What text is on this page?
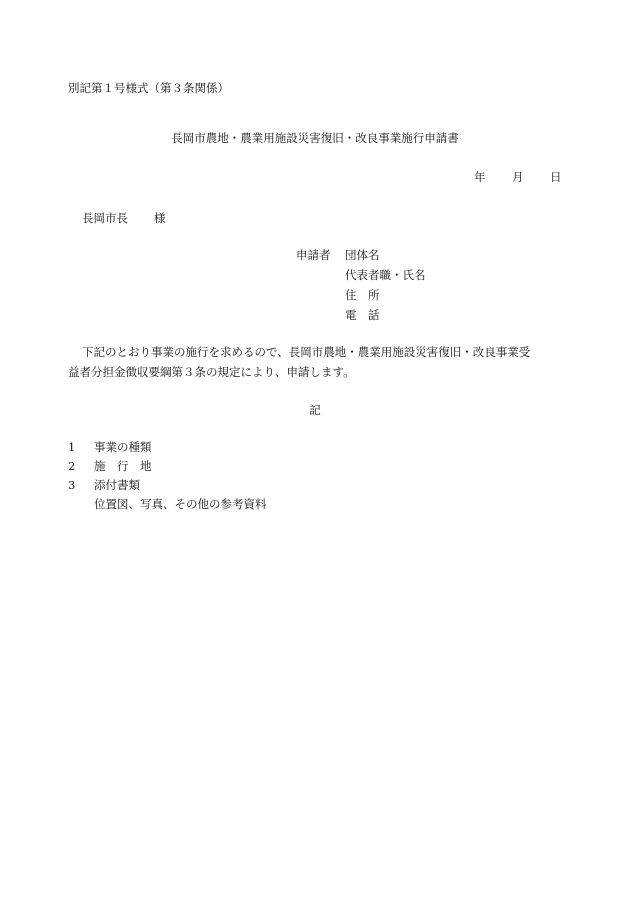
別記第１号様式（第３条関係）
長岡市農地・農業用施設災害復旧・改良事業施行申請書
年 月 日
長岡市長 様
申請者 団体名
代表者職・氏名
住　所
電　話
下記のとおり事業の施行を求めるので、長岡市農地・農業用施設災害復旧・改良事業受
益者分担金徴収要綱第３条の規定により、申請します。
記
1 事業の種類
2 施　行　地
3 添付書類
位置図、写真、その他の参考資料
